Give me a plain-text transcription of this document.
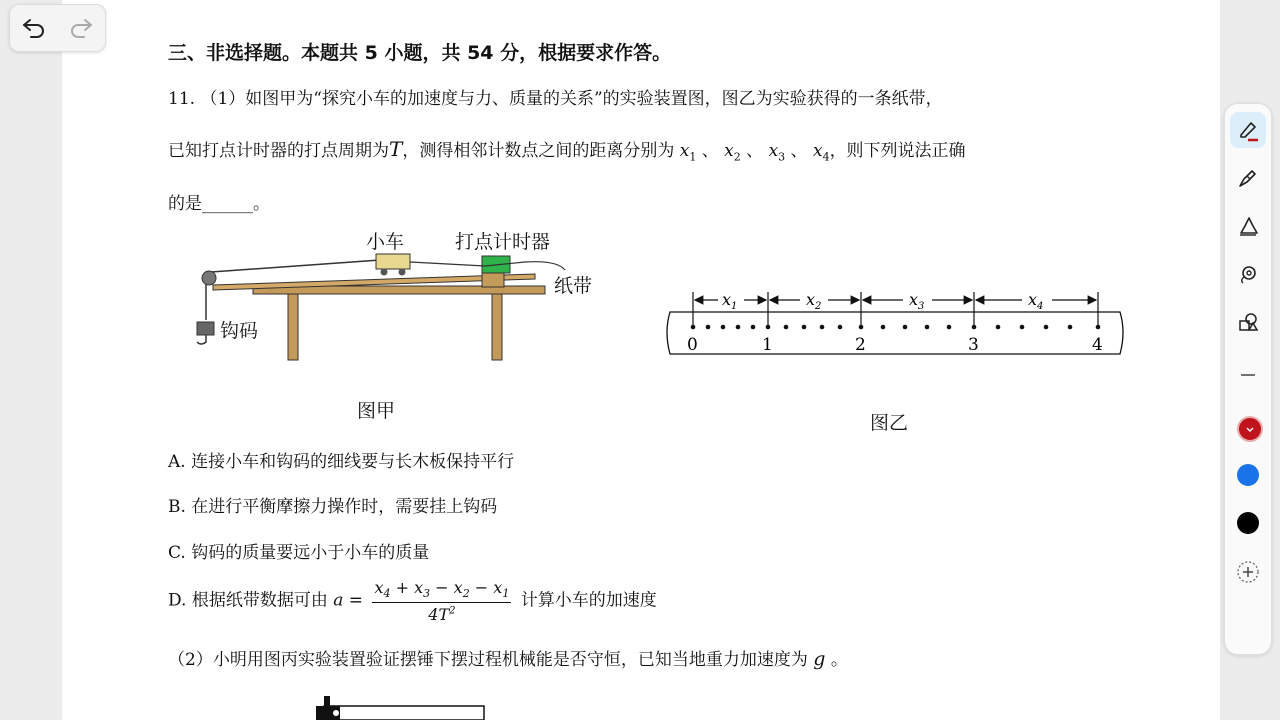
三、非选择题。本题共 5 小题，共 54 分，根据要求作答。
11. （1）如图甲为“探究小车的加速度与力、质量的关系”的实验装置图，图乙为实验获得的一条纸带，
已知打点计时器的打点周期为T，测得相邻计数点之间的距离分别为 $x_1$ 、 $x_2$ 、 $x_3$ 、 $x_4$，则下列说法正确
的是______。
小车	打点计时器
纸带
钩码
图甲
$x_1$	$x_2$	$x_3$	$x_4$
0	1	2	3	4
图乙
A. 连接小车和钩码的细线要与长木板保持平行
B. 在进行平衡摩擦力操作时，需要挂上钩码
C. 钩码的质量要远小于小车的质量
D. 根据纸带数据可由 $a = \frac{x_4 + x_3 - x_2 - x_1}{4T^2}$ 计算小车的加速度
（2）小明用图丙实验装置验证摆锤下摆过程机械能是否守恒，已知当地重力加速度为 g 。
